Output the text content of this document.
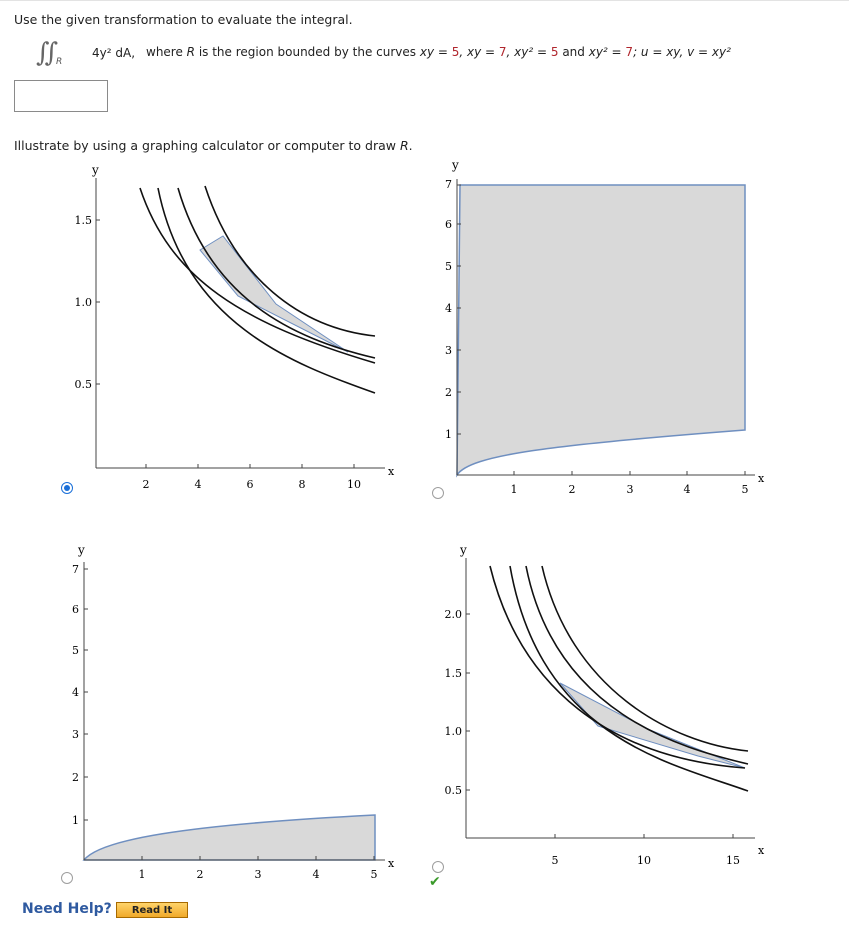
Use the given transformation to evaluate the integral.
∬ R
4y² dA, where R is the region bounded by the curves xy = 5, xy = 7, xy² = 5 and xy² = 7; u = xy, v = xy²
Illustrate by using a graphing calculator or computer to draw R.
y
x
2	4	6	8	10
0.5
1.0
1.5
y
x
1	2	3	4	5
1
2
3
4
5
6
7
y
x
1	2	3	4	5
1
2
3
4
5
6
7
y
x
5	10	15
0.5
1.0
1.5
2.0
✔
Need Help?	Read It
